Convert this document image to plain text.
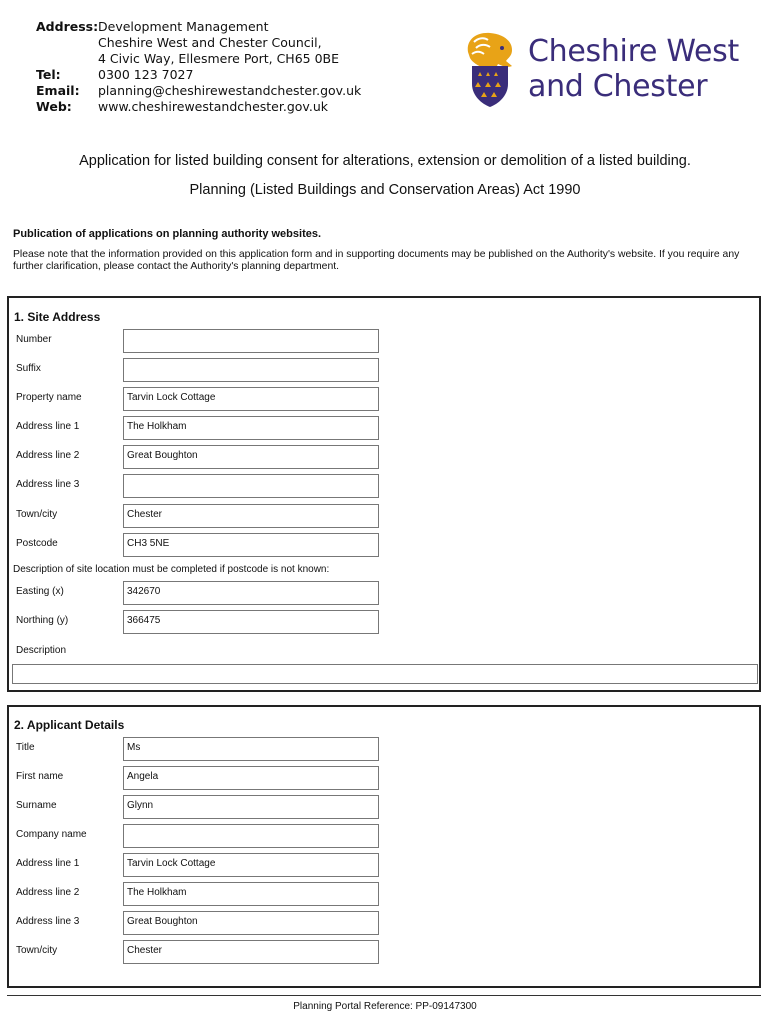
Address: Development Management
Cheshire West and Chester Council,
4 Civic Way, Ellesmere Port, CH65 0BE
Tel:	0300 123 7027
Email:	planning@cheshirewestandchester.gov.uk
Web:	www.cheshirewestandchester.gov.uk
Cheshire West
and Chester
Application for listed building consent for alterations, extension or demolition of a listed building.
Planning (Listed Buildings and Conservation Areas) Act 1990
Publication of applications on planning authority websites.
Please note that the information provided on this application form and in supporting documents may be published on the Authority's website. If you require any further clarification, please contact the Authority's planning department.
1. Site Address
Number
Suffix
Property name	Tarvin Lock Cottage
Address line 1	The Holkham
Address line 2	Great Boughton
Address line 3
Town/city	Chester
Postcode	CH3 5NE
Description of site location must be completed if postcode is not known:
Easting (x)	342670
Northing (y)	366475
Description
2. Applicant Details
Title	Ms
First name	Angela
Surname	Glynn
Company name
Address line 1	Tarvin Lock Cottage
Address line 2	The Holkham
Address line 3	Great Boughton
Town/city	Chester
Planning Portal Reference: PP-09147300
